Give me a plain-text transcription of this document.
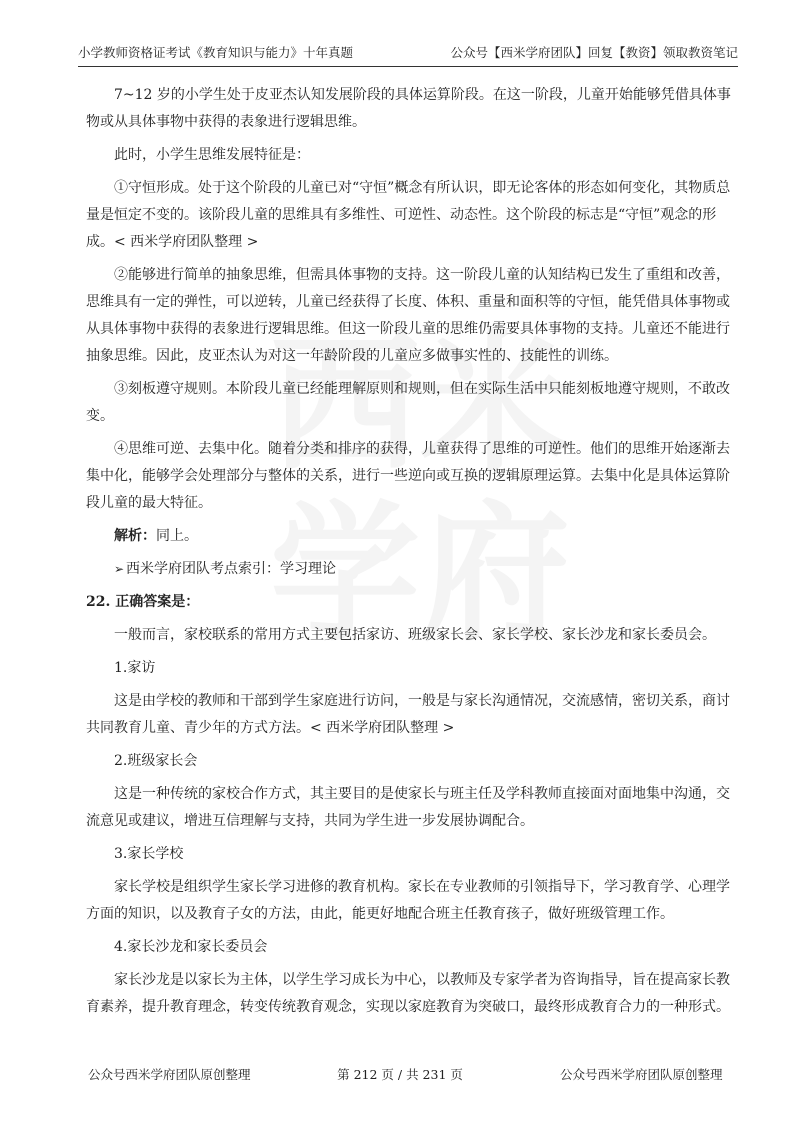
小学教师资格证考试《教育知识与能力》十年真题	公众号【西米学府团队】回复【教资】领取教资笔记

7~12 岁的小学生处于皮亚杰认知发展阶段的具体运算阶段。在这一阶段，儿童开始能够凭借具体事物或从具体事物中获得的表象进行逻辑思维。

此时，小学生思维发展特征是：

①守恒形成。处于这个阶段的儿童已对“守恒”概念有所认识，即无论客体的形态如何变化，其物质总量是恒定不变的。该阶段儿童的思维具有多维性、可逆性、动态性。这个阶段的标志是“守恒”观念的形成。< 西米学府团队整理 >

②能够进行简单的抽象思维，但需具体事物的支持。这一阶段儿童的认知结构已发生了重组和改善，思维具有一定的弹性，可以逆转，儿童已经获得了长度、体积、重量和面积等的守恒，能凭借具体事物或从具体事物中获得的表象进行逻辑思维。但这一阶段儿童的思维仍需要具体事物的支持。儿童还不能进行抽象思维。因此，皮亚杰认为对这一年龄阶段的儿童应多做事实性的、技能性的训练。

③刻板遵守规则。本阶段儿童已经能理解原则和规则，但在实际生活中只能刻板地遵守规则，不敢改变。

④思维可逆、去集中化。随着分类和排序的获得，儿童获得了思维的可逆性。他们的思维开始逐渐去集中化，能够学会处理部分与整体的关系，进行一些逆向或互换的逻辑原理运算。去集中化是具体运算阶段儿童的最大特征。

解析：同上。

➢ 西米学府团队考点索引：学习理论

22. 正确答案是：

一般而言，家校联系的常用方式主要包括家访、班级家长会、家长学校、家长沙龙和家长委员会。

1.家访

这是由学校的教师和干部到学生家庭进行访问，一般是与家长沟通情况，交流感情，密切关系，商讨共同教育儿童、青少年的方式方法。< 西米学府团队整理 >

2.班级家长会

这是一种传统的家校合作方式，其主要目的是使家长与班主任及学科教师直接面对面地集中沟通，交流意见或建议，增进互信理解与支持，共同为学生进一步发展协调配合。

3.家长学校

家长学校是组织学生家长学习进修的教育机构。家长在专业教师的引领指导下，学习教育学、心理学方面的知识，以及教育子女的方法，由此，能更好地配合班主任教育孩子，做好班级管理工作。

4.家长沙龙和家长委员会

家长沙龙是以家长为主体，以学生学习成长为中心，以教师及专家学者为咨询指导，旨在提高家长教育素养，提升教育理念，转变传统教育观念，实现以家庭教育为突破口，最终形成教育合力的一种形式。

公众号西米学府团队原创整理	第 212 页 / 共 231 页	公众号西米学府团队原创整理
